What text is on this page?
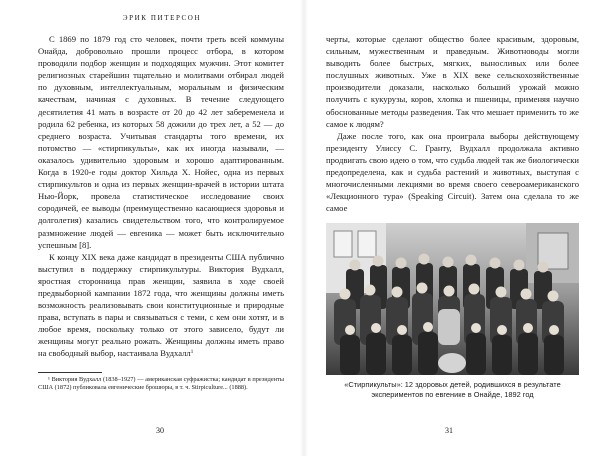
ЭРИК ПИТЕРСОН

С 1869 по 1879 год сто человек, почти треть всей коммуны Онайда, добровольно прошли процесс отбора, в котором проводили подбор женщин и подходящих мужчин. Этот комитет религиозных старейшин тщательно и молитвами отбирал людей по духовным, интеллектуальным, моральным и физическим качествам, начиная с духовных. В течение следующего десятилетия 41 мать в возрасте от 20 до 42 лет забеременела и родила 62 ребенка, из которых 58 дожили до трех лет, а 52 — до среднего возраста. Учитывая стандарты того времени, их потомство — «стирпикульты», как их иногда называли, — оказалось удивительно здоровым и хорошо адаптированным. Когда в 1920-е годы доктор Хильда Х. Нойес, одна из первых стирпикультов и одна из первых женщин-врачей в истории штата Нью-Йорк, провела статистическое исследование своих сородичей, ее выводы (преимущественно касающиеся здоровья и долголетия) казались свидетельством того, что контролируемое размножение людей — евгеника — может быть исключительно успешным [8].

К концу XIX века даже кандидат в президенты США публично выступил в поддержку стирпикультуры. Виктория Вудхалл, яростная сторонница прав женщин, заявила в ходе своей предвыборной кампании 1872 года, что женщины должны иметь возможность реализовывать свои конституционные и природные права, вступать в пары и связываться с теми, с кем они хотят, и в любое время, поскольку только от этого зависело, будут ли женщины могут реально рожать. Женщины должны иметь право на свободный выбор, настаивала Вудхалл$^1$

¹ Виктория Вудхалл (1838–1927) — американская суфражистка; кандидат в президенты США (1872) публиковала евгенические брошюры, в т. ч. Stirpiculture... (1888).
30

черты, которые сделают общество более красивым, здоровым, сильным, мужественным и праведным. Животноводы могли выводить более быстрых, мягких, выносливых или более послушных животных. Уже в XIX веке сельскохозяйственные производители доказали, насколько больший урожай можно получить с кукурузы, коров, хлопка и пшеницы, применяя научно обоснованные методы разведения. Так что мешает применить то же самое к людям?

Даже после того, как она проиграла выборы действующему президенту Улиссу С. Гранту, Вудхалл продолжала активно продвигать свою идею о том, что судьба людей так же биологически предопределена, как и судьба растений и животных, выступая с многочисленными лекциями во время своего североамериканского «Лекционного тура» (Speaking Circuit). Затем она сделала то же самое

«Стирпикульты»: 12 здоровых детей, родившихся в результате экспериментов по евгенике в Онайде, 1892 год
31
